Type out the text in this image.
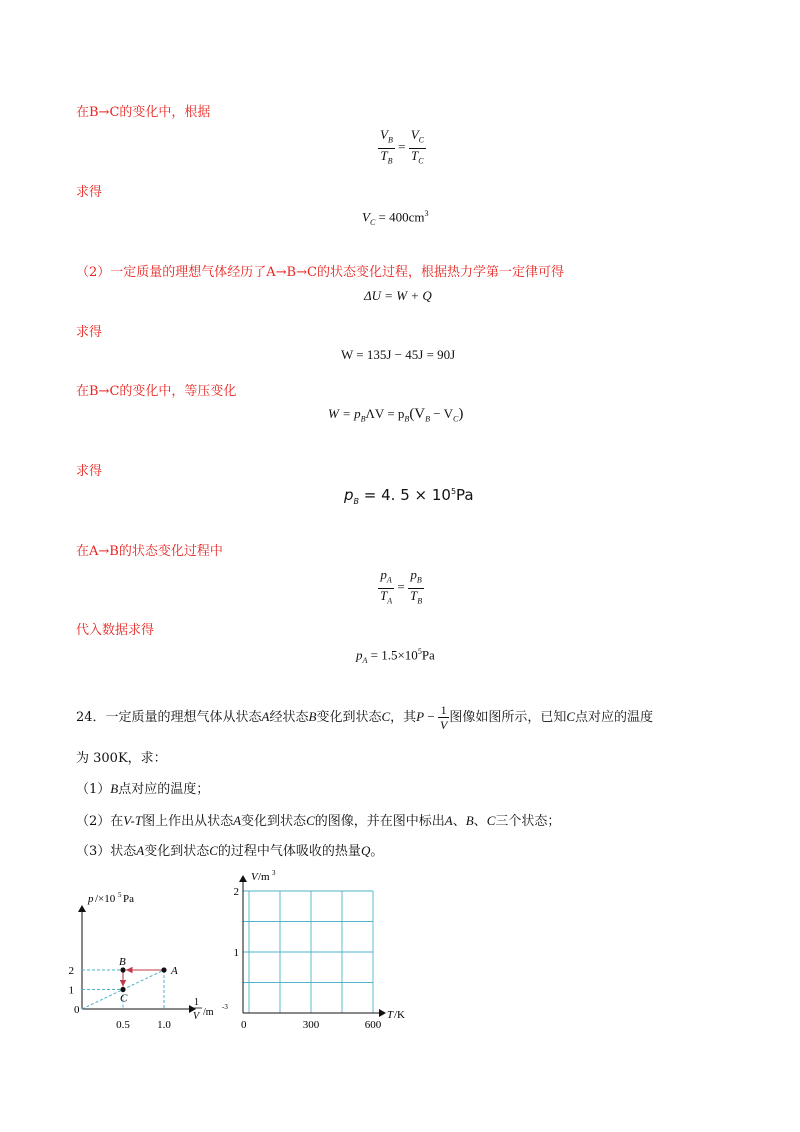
在B→C的变化中，根据
$\frac{V_B}{T_B} = \frac{V_C}{T_C}$
求得
$V_C = 400cm^3$
（2）一定质量的理想气体经历了A→B→C的状态变化过程，根据热力学第一定律可得
ΔU = W + Q
求得
W = 135J − 45J = 90J
在B→C的变化中，等压变化
$W = p_B\Lambda V = p_B(V_B - V_C)$
求得
$p_B = 4$. $5 \times 10^5Pa$
在A→B的状态变化过程中
$\frac{p_A}{T_A} = \frac{p_B}{T_B}$
代入数据求得
$p_A = 1.5\times 10^5Pa$
24．一定质量的理想气体从状态A经状态B变化到状态C，其$P - \frac{1}{V}$ 图像如图所示，已知C点对应的温度
为 300K，求：
（1）B点对应的温度；
（2）在V-T图上作出从状态A变化到状态C的图像，并在图中标出A、B、C三个状态；
（3）状态A变化到状态C的过程中气体吸收的热量Q。
A
B
C
0.5 1.0
1
2
p /×10 5 Pa
0
1
V /m -3
300	600
1
2
V /m 3
0
T /K
